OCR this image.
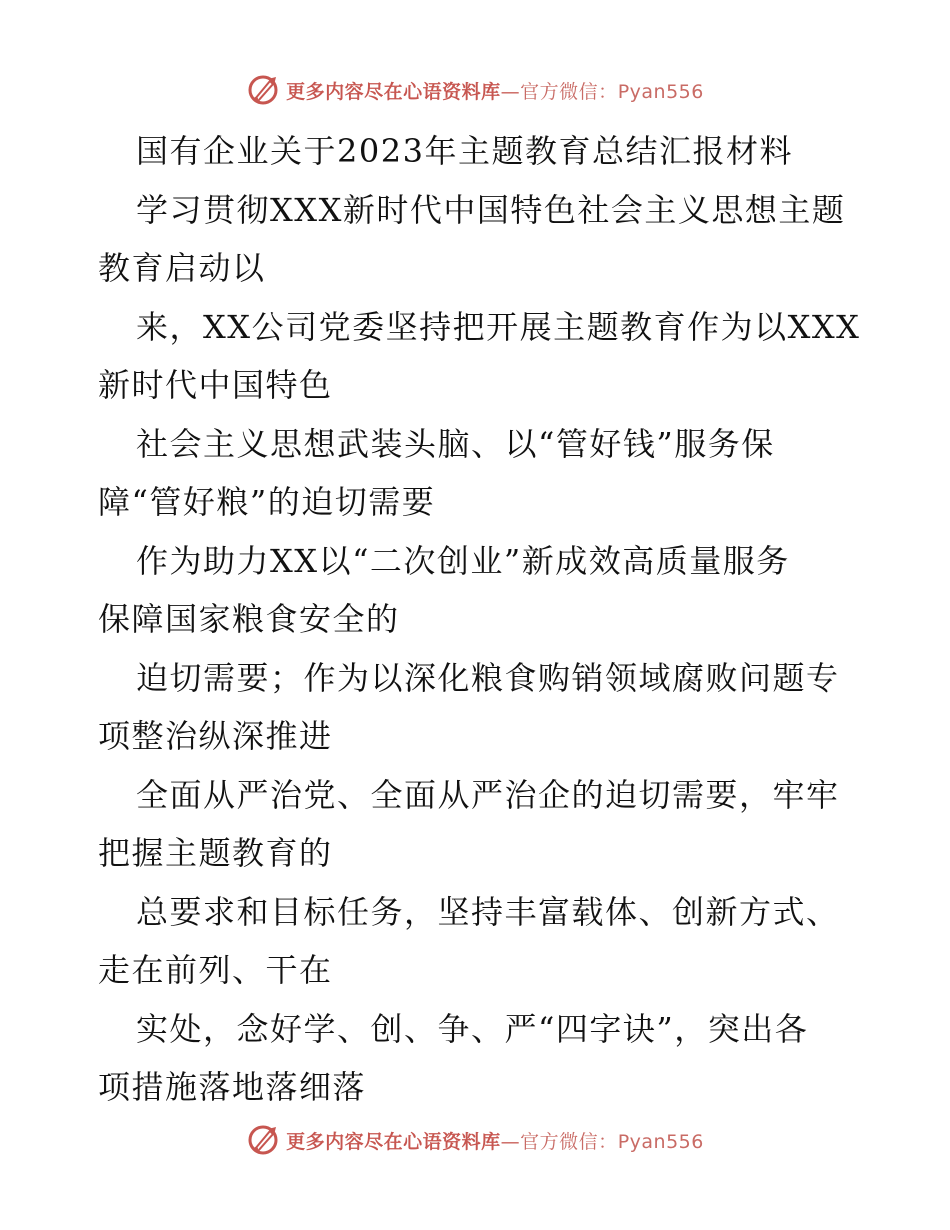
更多内容尽在心语资料库—官方微信：Pyan556
国有企业关于2023年主题教育总结汇报材料
学习贯彻XXX新时代中国特色社会主义思想主题
教育启动以
来，XX公司党委坚持把开展主题教育作为以XXX
新时代中国特色
社会主义思想武装头脑、以“管好钱”服务保
障“管好粮”的迫切需要
作为助力XX以“二次创业”新成效高质量服务
保障国家粮食安全的
迫切需要；作为以深化粮食购销领域腐败问题专
项整治纵深推进
全面从严治党、全面从严治企的迫切需要，牢牢
把握主题教育的
总要求和目标任务，坚持丰富载体、创新方式、
走在前列、干在
实处，念好学、创、争、严“四字诀”，突出各
项措施落地落细落
更多内容尽在心语资料库—官方微信：Pyan556
